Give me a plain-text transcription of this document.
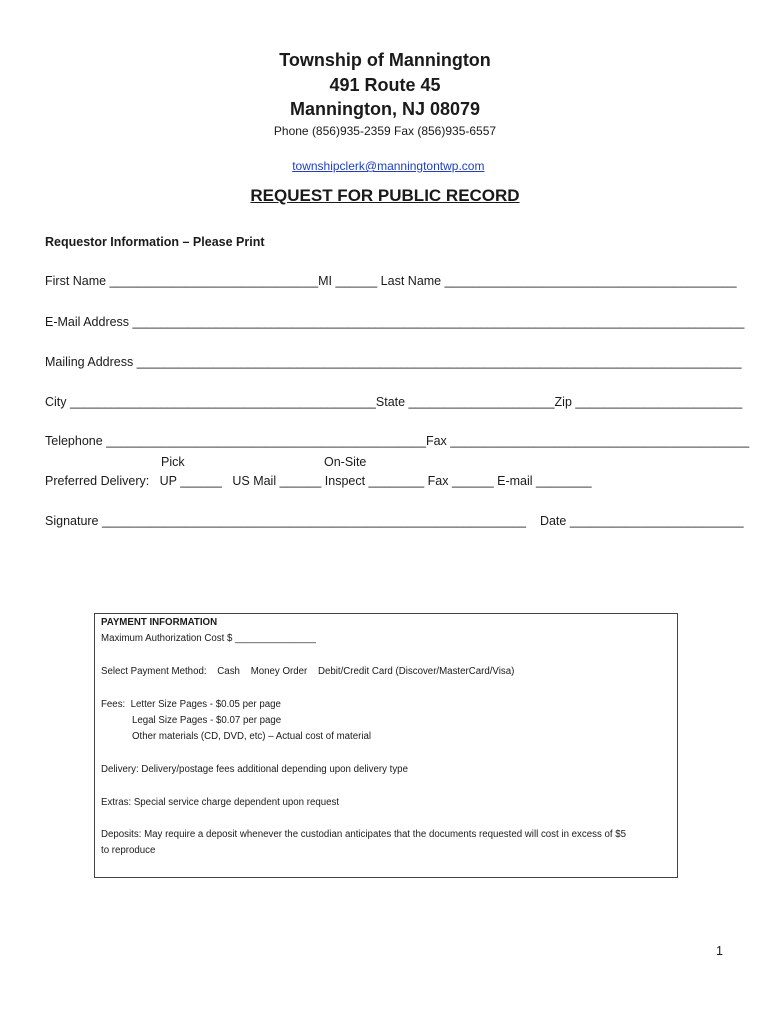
Township of Mannington
491 Route 45
Mannington, NJ 08079
Phone (856)935-2359 Fax (856)935-6557

townshipclerk@manningtontwp.com

REQUEST FOR PUBLIC RECORD
Requestor Information – Please Print
First Name ______________________________MI ______ Last Name __________________________________________
E-Mail Address ________________________________________________________________________________________
Mailing Address _______________________________________________________________________________________
City ____________________________________________State _____________________Zip ________________________
Telephone ______________________________________________Fax ___________________________________________
Pick	On-Site
Preferred Delivery:   UP ______   US Mail ______ Inspect ________ Fax ______ E-mail ________
Signature _____________________________________________________________    Date _________________________
PAYMENT INFORMATION
Maximum Authorization Cost $ _______________
Select Payment Method:    Cash    Money Order    Debit/Credit Card (Discover/MasterCard/Visa)
Fees:  Letter Size Pages - $0.05 per page
Legal Size Pages - $0.07 per page
Other materials (CD, DVD, etc) – Actual cost of material
Delivery: Delivery/postage fees additional depending upon delivery type
Extras: Special service charge dependent upon request
Deposits: May require a deposit whenever the custodian anticipates that the documents requested will cost in excess of $5
to reproduce
1
